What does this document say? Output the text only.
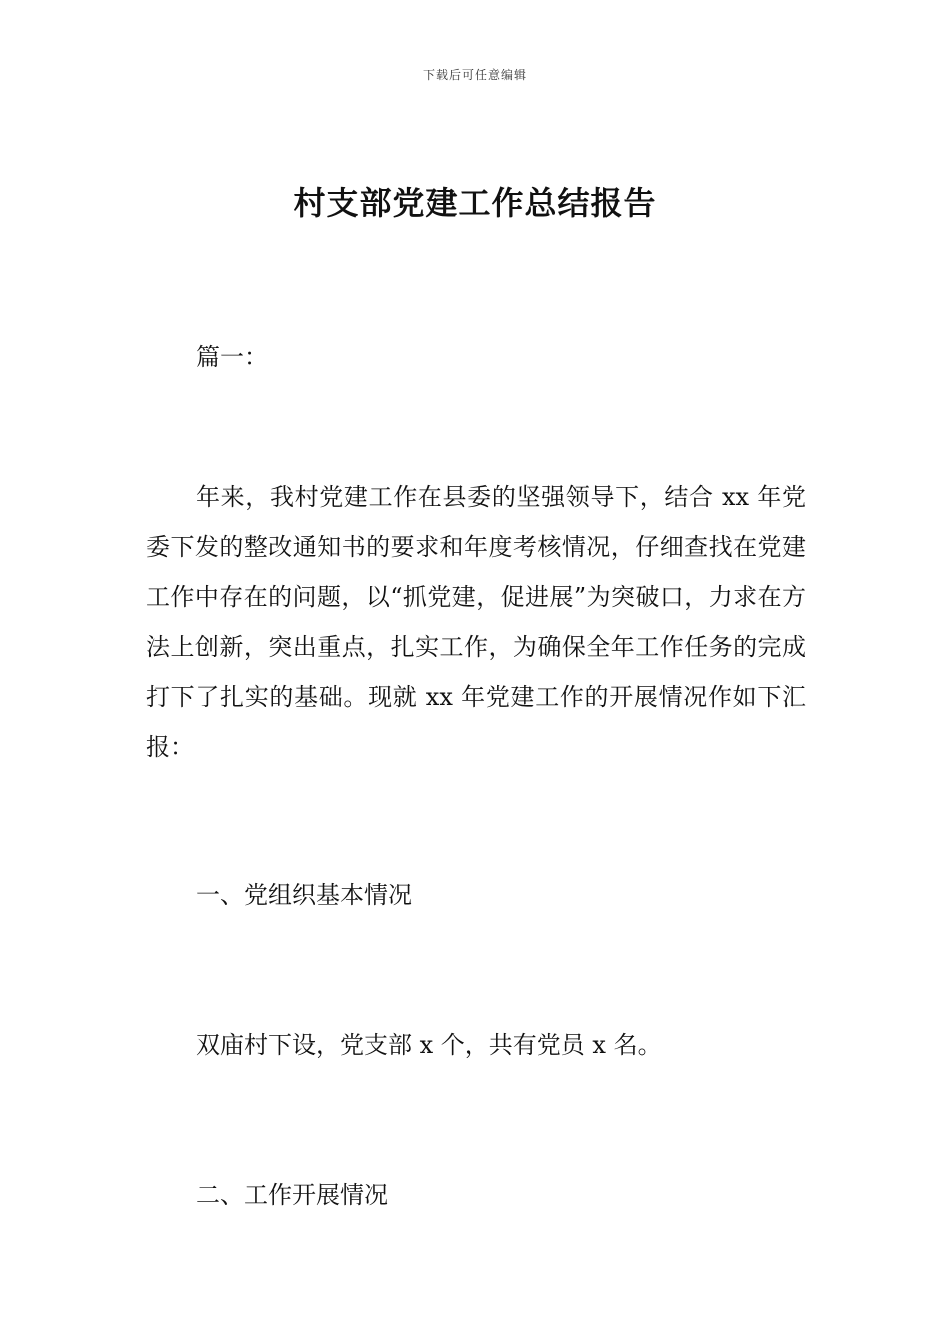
下载后可任意编辑
村支部党建工作总结报告
篇一：
年来，我村党建工作在县委的坚强领导下，结合 xx 年党委下发的整改通知书的要求和年度考核情况，仔细查找在党建工作中存在的问题，以“抓党建，促进展”为突破口，力求在方法上创新，突出重点，扎实工作，为确保全年工作任务的完成打下了扎实的基础。现就 xx 年党建工作的开展情况作如下汇报：
一、党组织基本情况
双庙村下设，党支部 x 个，共有党员 x 名。
二、工作开展情况
